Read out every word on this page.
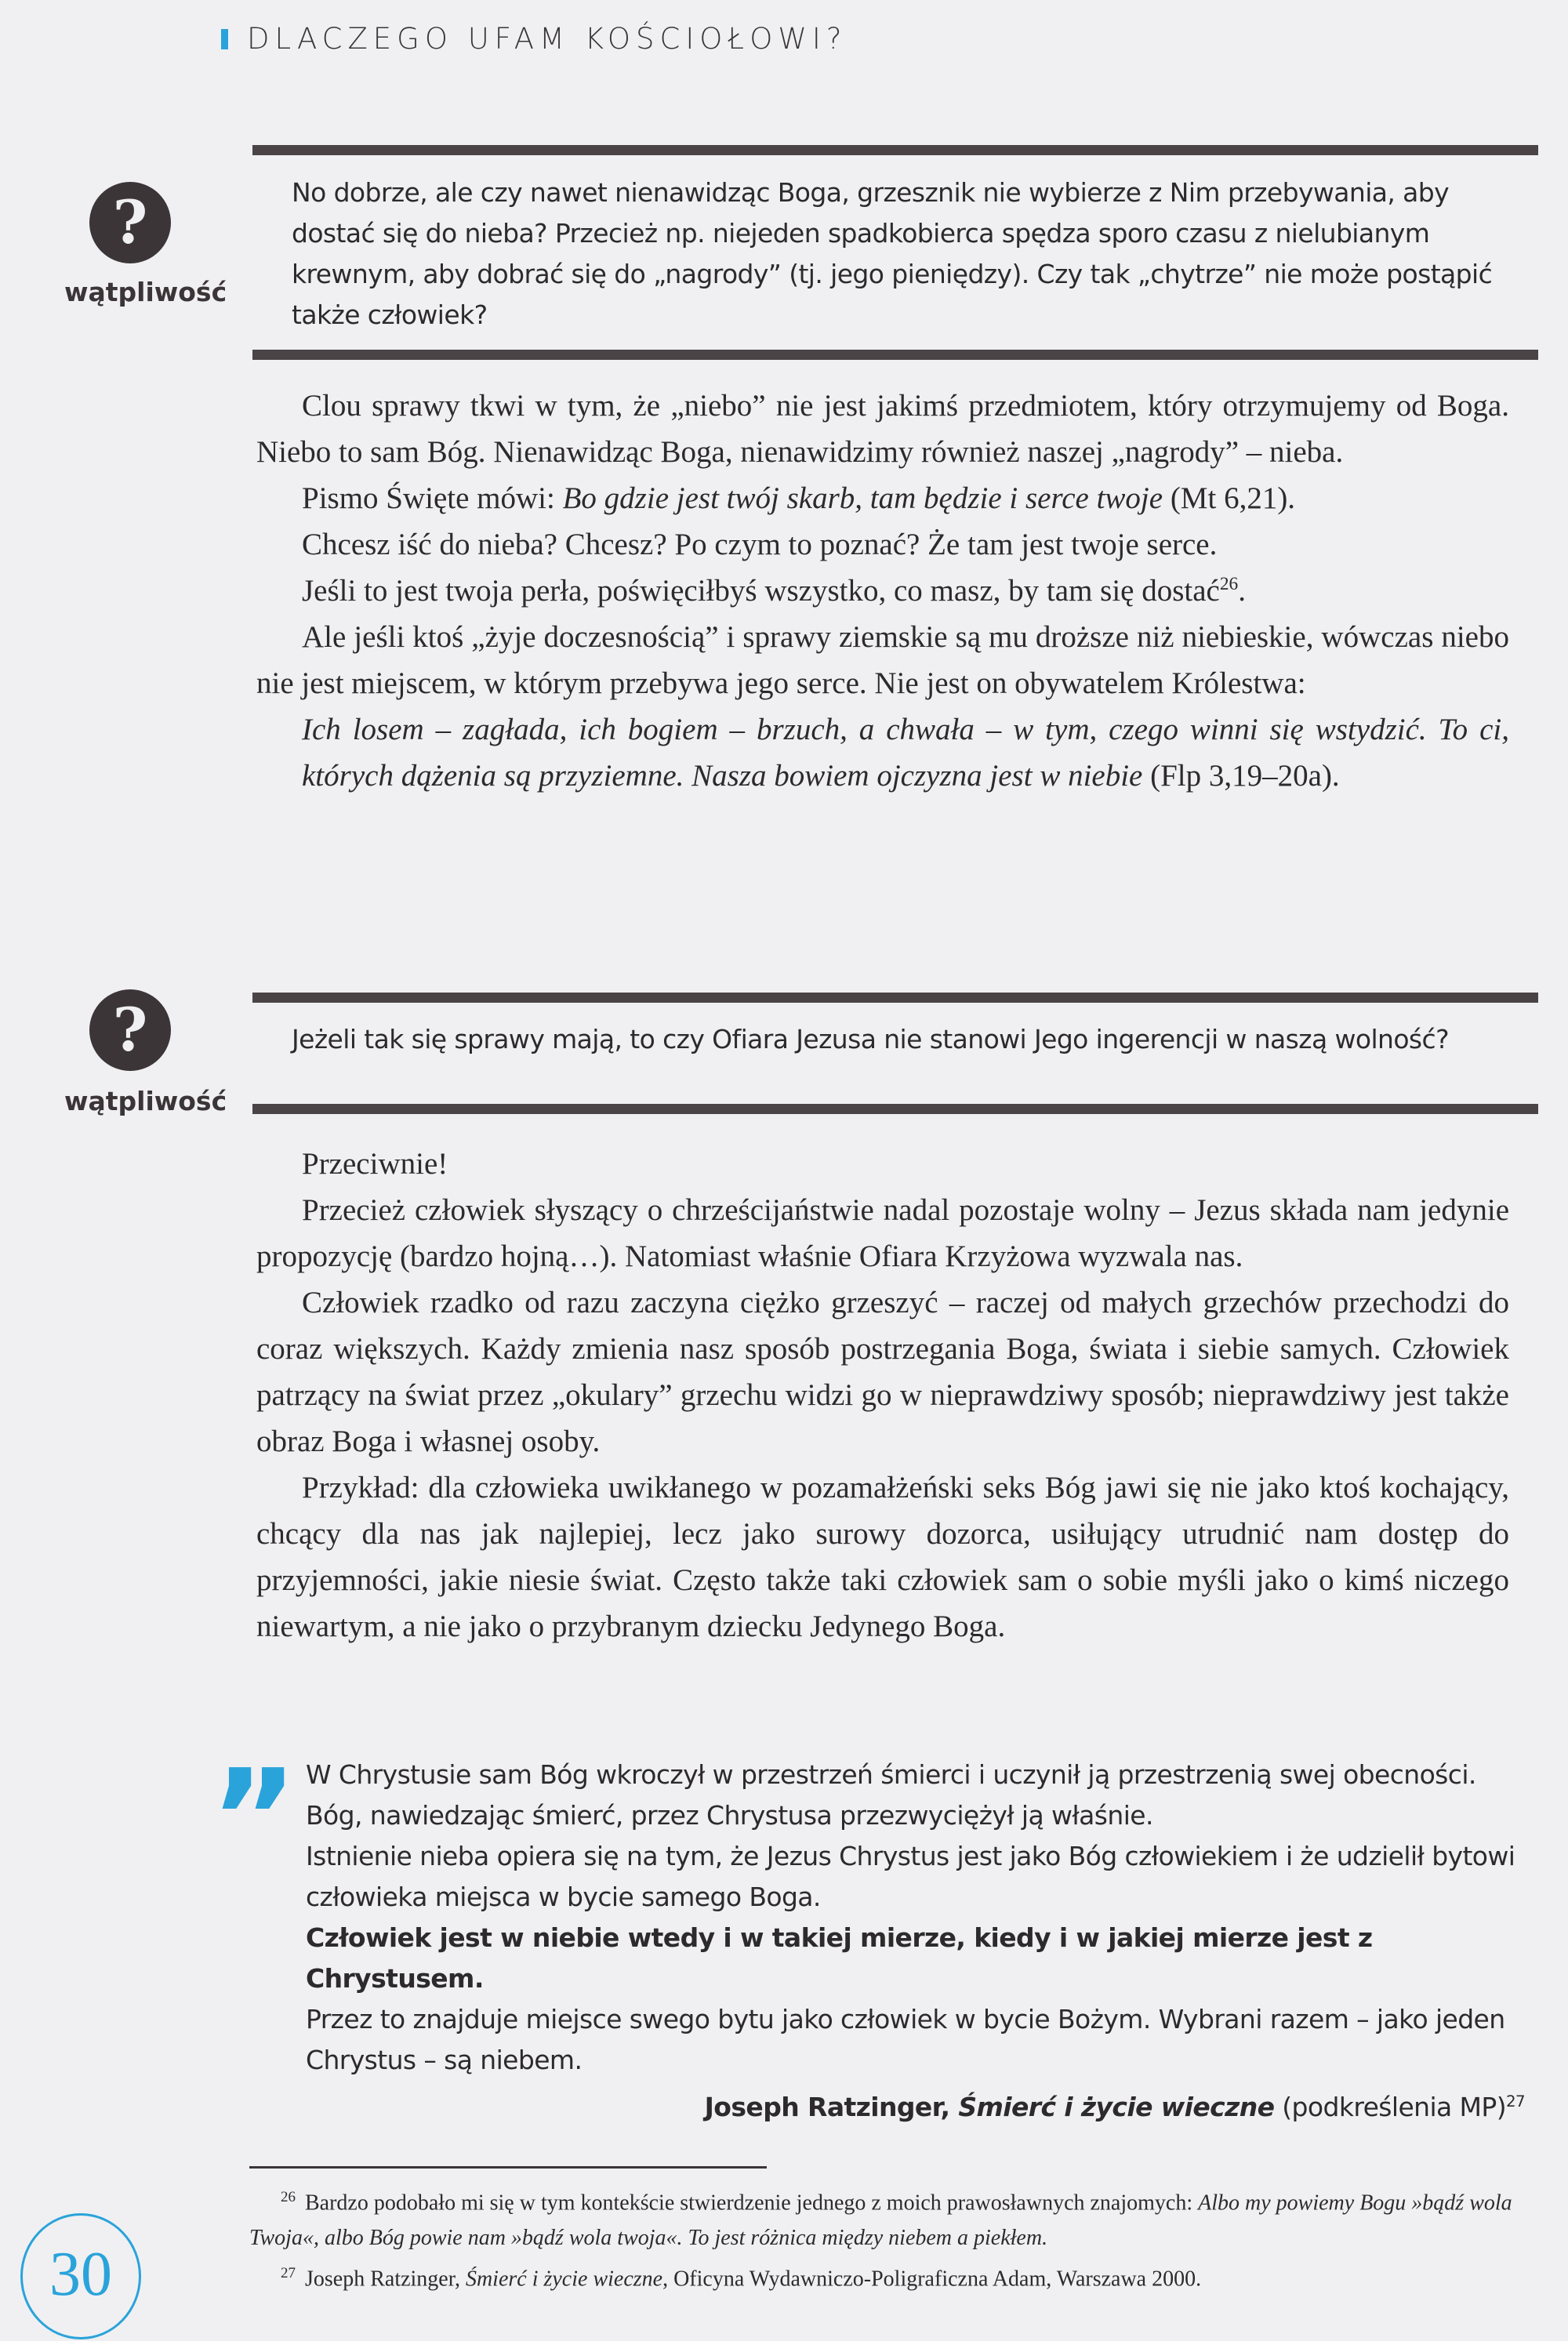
DLACZEGO UFAM KOŚCIOŁOWI?
?
wątpliwość
No dobrze, ale czy nawet nienawidząc Boga, grzesznik nie wybierze z Nim przebywania, aby dostać się do nieba? Przecież np. niejeden spadkobierca spędza sporo czasu z nielubianym krewnym, aby dobrać się do „nagrody” (tj. jego pieniędzy). Czy tak „chytrze” nie może postąpić także człowiek?

Clou sprawy tkwi w tym, że „niebo” nie jest jakimś przedmiotem, który otrzymujemy od Boga. Niebo to sam Bóg. Nienawidząc Boga, nienawidzimy również naszej „nagrody” – nieba.

Pismo Święte mówi: Bo gdzie jest twój skarb, tam będzie i serce twoje (Mt 6,21).

Chcesz iść do nieba? Chcesz? Po czym to poznać? Że tam jest twoje serce.

Jeśli to jest twoja perła, poświęciłbyś wszystko, co masz, by tam się dostać$^{26}$.

Ale jeśli ktoś „żyje doczesnością” i sprawy ziemskie są mu droższe niż niebieskie, wówczas niebo nie jest miejscem, w którym przebywa jego serce. Nie jest on obywatelem Królestwa:

Ich losem – zagłada, ich bogiem – brzuch, a chwała – w tym, czego winni się wstydzić. To ci, których dążenia są przyziemne. Nasza bowiem ojczyzna jest w niebie (Flp 3,19–20a).

?
wątpliwość
Jeżeli tak się sprawy mają, to czy Ofiara Jezusa nie stanowi Jego ingerencji w naszą wolność?

Przeciwnie!

Przecież człowiek słyszący o chrześcijaństwie nadal pozostaje wolny – Jezus składa nam jedynie propozycję (bardzo hojną…). Natomiast właśnie Ofiara Krzyżowa wyzwala nas.

Człowiek rzadko od razu zaczyna ciężko grzeszyć – raczej od małych grzechów przechodzi do coraz większych. Każdy zmienia nasz sposób postrzegania Boga, świata i siebie samych. Człowiek patrzący na świat przez „okulary” grzechu widzi go w nieprawdziwy sposób; nieprawdziwy jest także obraz Boga i własnej osoby.

Przykład: dla człowieka uwikłanego w pozamałżeński seks Bóg jawi się nie jako ktoś kochający, chcący dla nas jak najlepiej, lecz jako surowy dozorca, usiłujący utrudnić nam dostęp do przyjemności, jakie niesie świat. Często także taki człowiek sam o sobie myśli jako o kimś niczego niewartym, a nie jako o przybranym dziecku Jedynego Boga.

” W Chrystusie sam Bóg wkroczył w przestrzeń śmierci i uczynił ją przestrzenią swej obecności. Bóg, nawiedzając śmierć, przez Chrystusa przezwyciężył ją właśnie.

Istnienie nieba opiera się na tym, że Jezus Chrystus jest jako Bóg człowiekiem i że udzielił bytowi człowieka miejsca w bycie samego Boga.

Człowiek jest w niebie wtedy i w takiej mierze, kiedy i w jakiej mierze jest z Chrystusem.

Przez to znajduje miejsce swego bytu jako człowiek w bycie Bożym. Wybrani razem – jako jeden Chrystus – są niebem.

Joseph Ratzinger, Śmierć i życie wieczne (podkreślenia MP)$^{27}$

$^{26}$ Bardzo podobało mi się w tym kontekście stwierdzenie jednego z moich prawosławnych znajomych: Albo my powiemy Bogu »bądź wola Twoja«, albo Bóg powie nam »bądź wola twoja«. To jest różnica między niebem a piekłem.

$^{27}$ Joseph Ratzinger, Śmierć i życie wieczne, Oficyna Wydawniczo-Poligraficzna Adam, Warszawa 2000.

30
